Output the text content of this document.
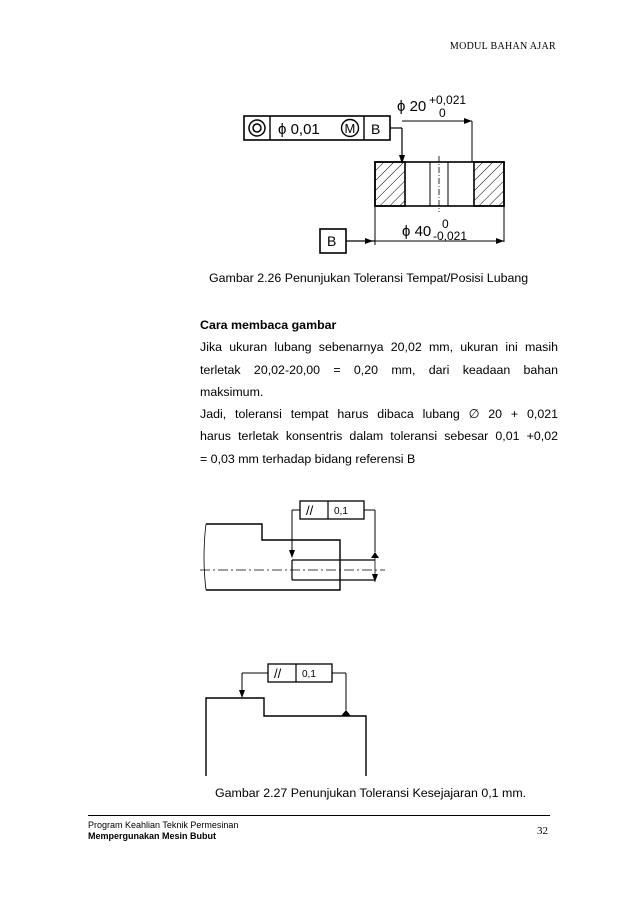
MODUL BAHAN AJAR
ϕ 0,01 M B
ϕ 20 +0,021
0
B
ϕ 40 0
-0,021
Gambar 2.26 Penunjukan Toleransi Tempat/Posisi Lubang

Cara membaca gambar

Jika ukuran lubang sebenarnya 20,02 mm, ukuran ini masih

terletak 20,02-20,00 = 0,20 mm, dari keadaan bahan

maksimum.

Jadi, toleransi tempat harus dibaca lubang ∅ 20 + 0,021

harus terletak konsentris dalam toleransi sebesar 0,01 +0,02

= 0,03 mm terhadap bidang referensi B

// 0,1
// 0,1
Gambar 2.27 Penunjukan Toleransi Kesejajaran 0,1 mm.
Program Keahlian Teknik Permesinan
Mempergunakan Mesin Bubut	32
